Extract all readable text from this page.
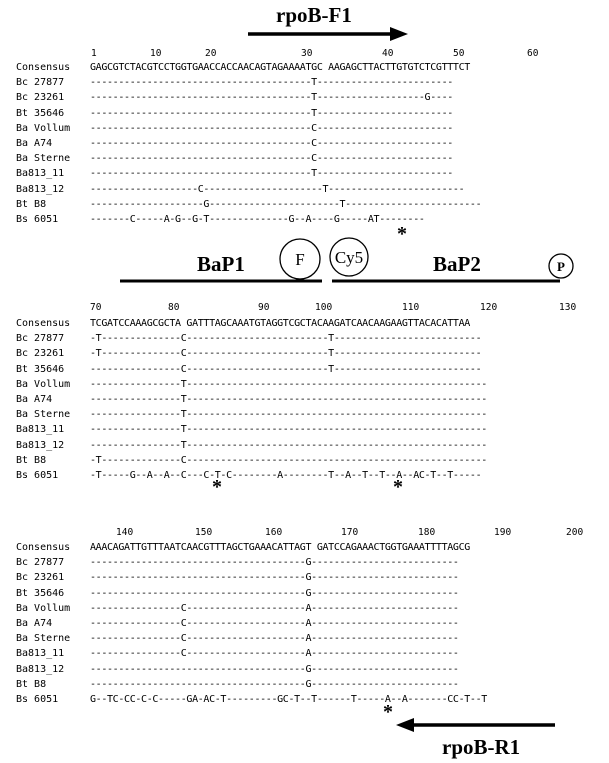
rpoB-F1
BaP1	BaP2
rpoB-R1
F Cy5	P
1	10	20	30	40	50	60
Consensus GAGCGTCTACGTCCTGGTGAACCACCAACAGTAGAAAATGC AAGAGCTTACTTGTGTCTCGTTTCT
Bc 27877	---------------------------------------T------------------------
Bc 23261	---------------------------------------T-------------------G----
Bt 35646	---------------------------------------T------------------------
Ba Vollum ---------------------------------------C------------------------
Ba A74	---------------------------------------C------------------------
Ba Sterne ---------------------------------------C------------------------
Ba813_11	---------------------------------------T------------------------
Ba813_12	-------------------C---------------------T------------------------
Bt B8	--------------------G-----------------------T------------------------
Bs 6051	-------C-----A-G--G-T--------------G--A----G-----AT--------
*
70	80	90	100	110	120	130
Consensus TCGATCCAAAGCGCTA GATTTAGCAAATGTAGGTCGCTACAAGATCAACAAGAAGTTACACATTAA
Bc 27877	-T--------------C-------------------------T--------------------------
Bc 23261	-T--------------C-------------------------T--------------------------
Bt 35646	----------------C-------------------------T--------------------------
Ba Vollum ----------------T-----------------------------------------------------
Ba A74	----------------T-----------------------------------------------------
Ba Sterne ----------------T-----------------------------------------------------
Ba813_11	----------------T-----------------------------------------------------
Ba813_12	----------------T-----------------------------------------------------
Bt B8	-T--------------C-----------------------------------------------------
Bs 6051	-T-----G--A--A--C---C-T-C--------A--------T--A--T--T--A--AC-T--T-----
*	*
140	150	160	170	180	190	200
Consensus AAACAGATTGTTTAATCAACGTTTAGCTGAAACATTAGT GATCCAGAAACTGGTGAAATTTTAGCG
Bc 27877	--------------------------------------G--------------------------
Bc 23261	--------------------------------------G--------------------------
Bt 35646	--------------------------------------G--------------------------
Ba Vollum ----------------C---------------------A--------------------------
Ba A74	----------------C---------------------A--------------------------
Ba Sterne ----------------C---------------------A--------------------------
Ba813_11	----------------C---------------------A--------------------------
Ba813_12	--------------------------------------G--------------------------
Bt B8	--------------------------------------G--------------------------
Bs 6051	G--TC-CC-C-C-----GA-AC-T---------GC-T--T------T-----A--A-------CC-T--T
*
